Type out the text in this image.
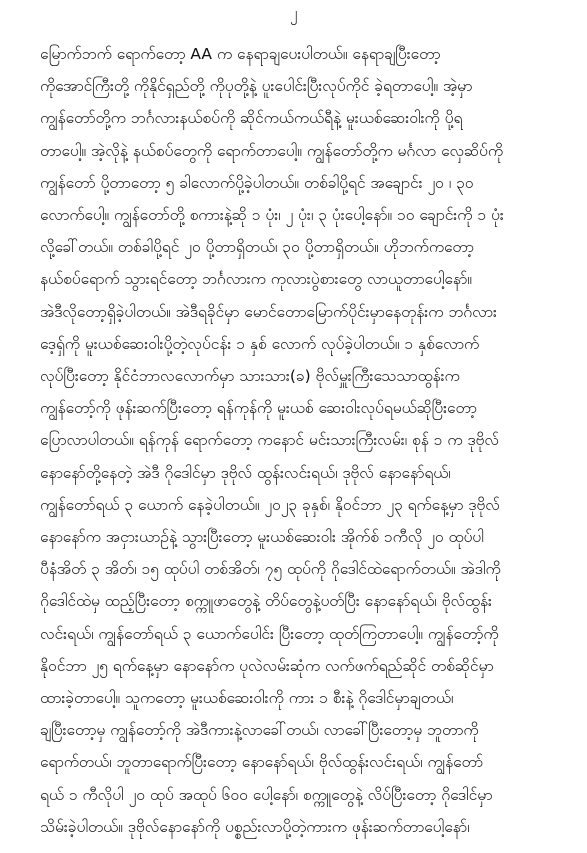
၂
မြောက်ဘက် ရောက်တော့ AA က နေရာချပေးပါတယ်။ နေရာချပြီးတော့
ကိုအောင်ကြီးတို့ ကိုနိုင်ရှည်တို့ ကိုပုတို့နဲ့ ပူးပေါင်းပြီးလုပ်ကိုင် ခဲ့ရတာပေါ့။ အဲ့မှာ
ကျွန်တော်တို့က ဘင်္ဂလားနယ်စပ်ကို ဆိုင်ကယ်ကယ်ရီနဲ့ မူးယစ်ဆေးဝါးကို ပို့ရ
တာပေါ့။ အဲ့လိုနဲ့ နယ်စပ်တွေကို ရောက်တာပေါ့။ ကျွန်တော်တို့က မင်္ဂလာ လှေဆိပ်ကို
ကျွန်တော် ပို့တာတော့ ၅ ခါလောက်ပို့ခဲ့ပါတယ်။ တစ်ခါပို့ရင် အချောင်း ၂၀ ၊ ၃၀
လောက်ပေါ့။ ကျွန်တော်တို့ စကားနဲ့ဆို ၁ ပုံး၊ ၂ ပုံး၊ ၃ ပုံးပေါ့နော်။ ၁၀ ချောင်းကို ၁ ပုံး
လို့ခေါ်တယ်။ တစ်ခါပို့ရင် ၂၀ ပို့တာရှိတယ်၊ ၃၀ ပို့တာရှိတယ်။ ဟိုဘက်ကတော့
နယ်စပ်ရောက် သွားရင်တော့ ဘင်္ဂလားက ကုလားပွဲစားတွေ လာယူတာပေါ့နော်။
အဲဒီလိုတော့ရှိခဲ့ပါတယ်။ အဲဒီရခိုင်မှာ မောင်တောမြောက်ပိုင်းမှာနေတုန်းက ဘင်္ဂလား
ဒေ့ရှ်ကို မူးယစ်ဆေးဝါးပို့တဲ့လုပ်ငန်း ၁ နှစ် လောက် လုပ်ခဲ့ပါတယ်။ ၁ နှစ်လောက်
လုပ်ပြီးတော့ နိုင်ငံဘာလလောက်မှာ သားသား(ခ) ဗိုလ်မှူးကြီးသေသာထွန်းက
ကျွန်တော့်ကို ဖုန်းဆက်ပြီးတော့ ရန်ကုန်ကို မူးယစ် ဆေးဝါးလုပ်ရမယ်ဆိုပြီးတော့
ပြောလာပါတယ်။ ရန်ကုန် ရောက်တော့ ကနောင် မင်းသားကြီးလမ်း၊ စုန် ၁ က ဒုဗိုလ်
နောနော်တို့နေတဲ့ အဲဒီ ဂိုဒေါင်မှာ ဒုဗိုလ် ထွန်းလင်းရယ်၊ ဒုဗိုလ် နောနော်ရယ်၊
ကျွန်တော်ရယ် ၃ ယောက် နေခဲ့ပါတယ်။ ၂၀၂၃ ခုနှစ်၊ နိုဝင်ဘာ ၂၃ ရက်နေ့မှာ ဒုဗိုလ်
နောနော်က အငှားယာဉ်နဲ့ သွားပြီးတော့ မူးယစ်ဆေးဝါး အိုက်စ် ၁ကီလို ၂၀ ထုပ်ပါ
ပီနံအိတ် ၃ အိတ်၊ ၁၅ ထုပ်ပါ တစ်အိတ်၊ ၇၅ ထုပ်ကို ဂိုဒေါင်ထဲရောက်တယ်။ အဲဒါကို
ဂိုဒေါင်ထဲမှ ထည့်ပြီးတော့ စက္ကူဖာတွေနဲ့ တိပ်တွေနဲ့ပတ်ပြီး နောနော်ရယ်၊ ဗိုလ်ထွန်း
လင်းရယ်၊ ကျွန်တော်ရယ် ၃ ယောက်ပေါင်း ပြီးတော့ ထုတ်ကြတာပေါ့။ ကျွန်တော့်ကို
နိုဝင်ဘာ ၂၅ ရက်နေ့မှာ နောနော်က ပုလဲလမ်းဆုံက လက်ဖက်ရည်ဆိုင် တစ်ဆိုင်မှာ
ထားခဲ့တာပေါ့။ သူကတော့ မူးယစ်ဆေးဝါးကို ကား ၁ စီးနဲ့ ဂိုဒေါင်မှာချတယ်၊
ချပြီးတော့မှ ကျွန်တော့်ကို အဲဒီကားနဲ့လာခေါ်တယ်၊ လာခေါ်ပြီးတော့မှ ဘူတာကို
ရောက်တယ်၊ ဘူတာရောက်ပြီးတော့ နောနော်ရယ်၊ ဗိုလ်ထွန်းလင်းရယ်၊ ကျွန်တော်
ရယ် ၁ ကီလိုပါ ၂၀ ထုပ် အထုပ် ၆၀၀ ပေါ့နော်၊ စက္ကူတွေနဲ့ လိပ်ပြီးတော့ ဂိုဒေါင်မှာ
သိမ်းခဲ့ပါတယ်။ ဒုဗိုလ်နောနော်ကို ပစ္စည်းလာပို့တဲ့ကားက ဖုန်းဆက်တာပေါ့နော်၊
